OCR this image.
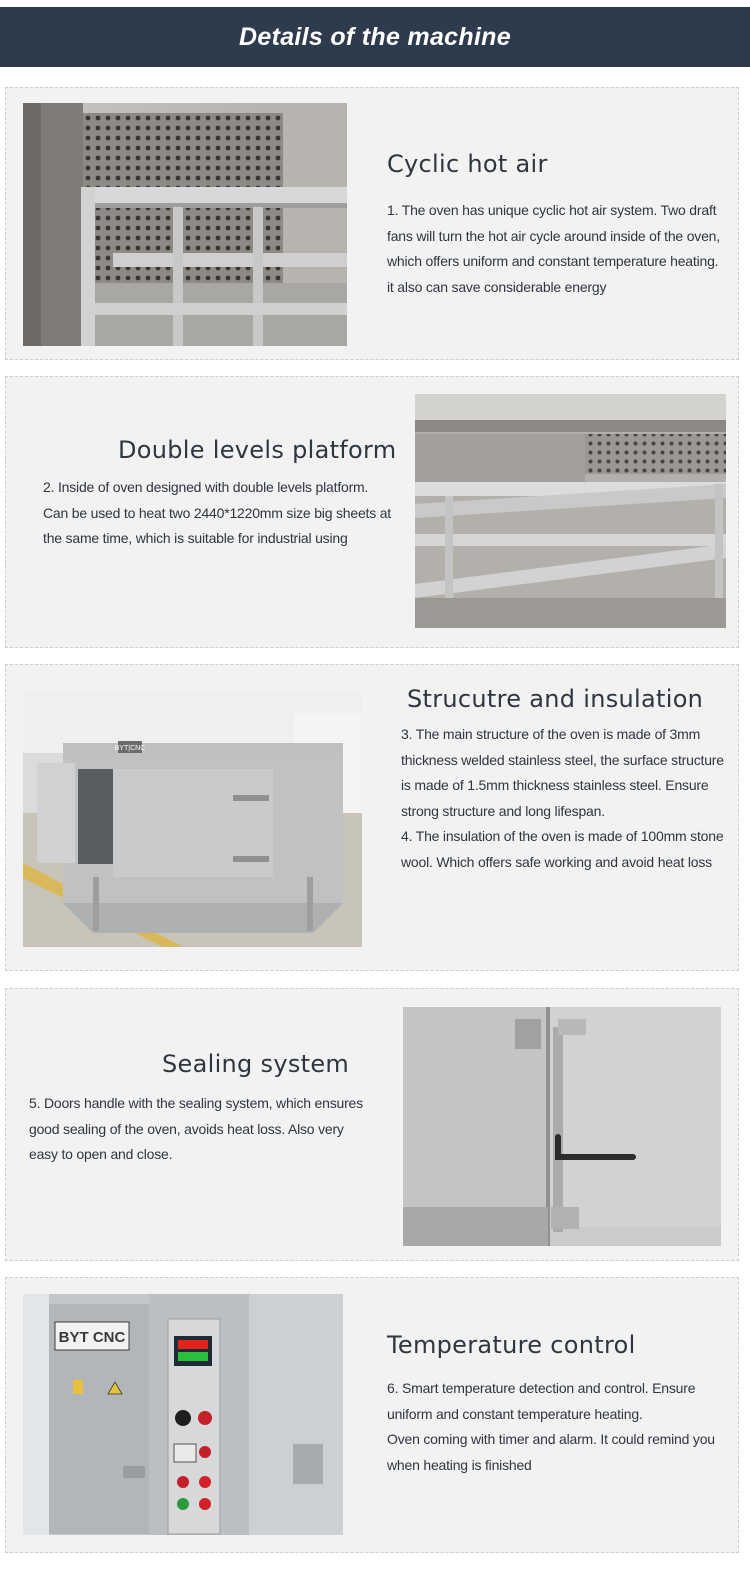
Details of the machine
Cyclic hot air

1. The oven has unique cyclic hot air system. Two draft fans will turn the hot air cycle around inside of the oven, which offers uniform and constant temperature heating. it also can save considerable energy

Double levels platform

2. Inside of oven designed with double levels platform. Can be used to heat two 2440*1220mm size big sheets at the same time, which is suitable for industrial using

BYT|CNC
Strucutre and insulation

3. The main structure of the oven is made of 3mm thickness welded stainless steel, the surface structure is made of 1.5mm thickness stainless steel. Ensure strong structure and long lifespan.

4. The insulation of the oven is made of 100mm stone wool. Which offers safe working and avoid heat loss

Sealing system

5. Doors handle with the sealing system, which ensures good sealing of the oven, avoids heat loss. Also very easy to open and close.

BYT CNC	Temperature control

6. Smart temperature detection and control. Ensure uniform and constant temperature heating.

Oven coming with timer and alarm. It could remind you when heating is finished
